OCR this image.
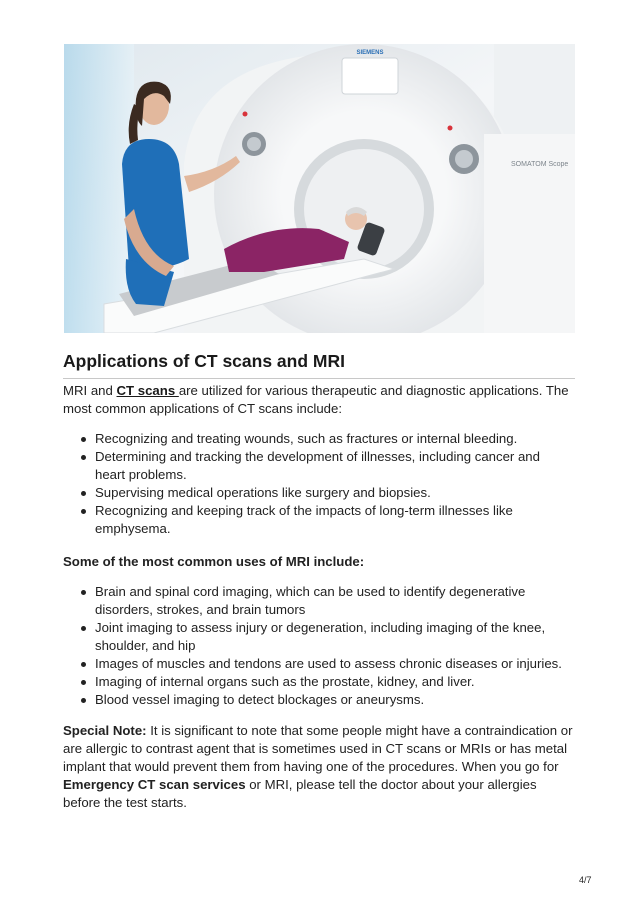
SIEMENS
SOMATOM Scope
Applications of CT scans and MRI

MRI and CT scans are utilized for various therapeutic and diagnostic applications. The most common applications of CT scans include:

Recognizing and treating wounds, such as fractures or internal bleeding.
Determining and tracking the development of illnesses, including cancer and heart problems.
Supervising medical operations like surgery and biopsies.
Recognizing and keeping track of the impacts of long-term illnesses like emphysema.

Some of the most common uses of MRI include:

Brain and spinal cord imaging, which can be used to identify degenerative disorders, strokes, and brain tumors
Joint imaging to assess injury or degeneration, including imaging of the knee, shoulder, and hip
Images of muscles and tendons are used to assess chronic diseases or injuries.
Imaging of internal organs such as the prostate, kidney, and liver.
Blood vessel imaging to detect blockages or aneurysms.

Special Note: It is significant to note that some people might have a contraindication or are allergic to contrast agent that is sometimes used in CT scans or MRIs or has metal implant that would prevent them from having one of the procedures. When you go for Emergency CT scan services or MRI, please tell the doctor about your allergies before the test starts.

4/7
